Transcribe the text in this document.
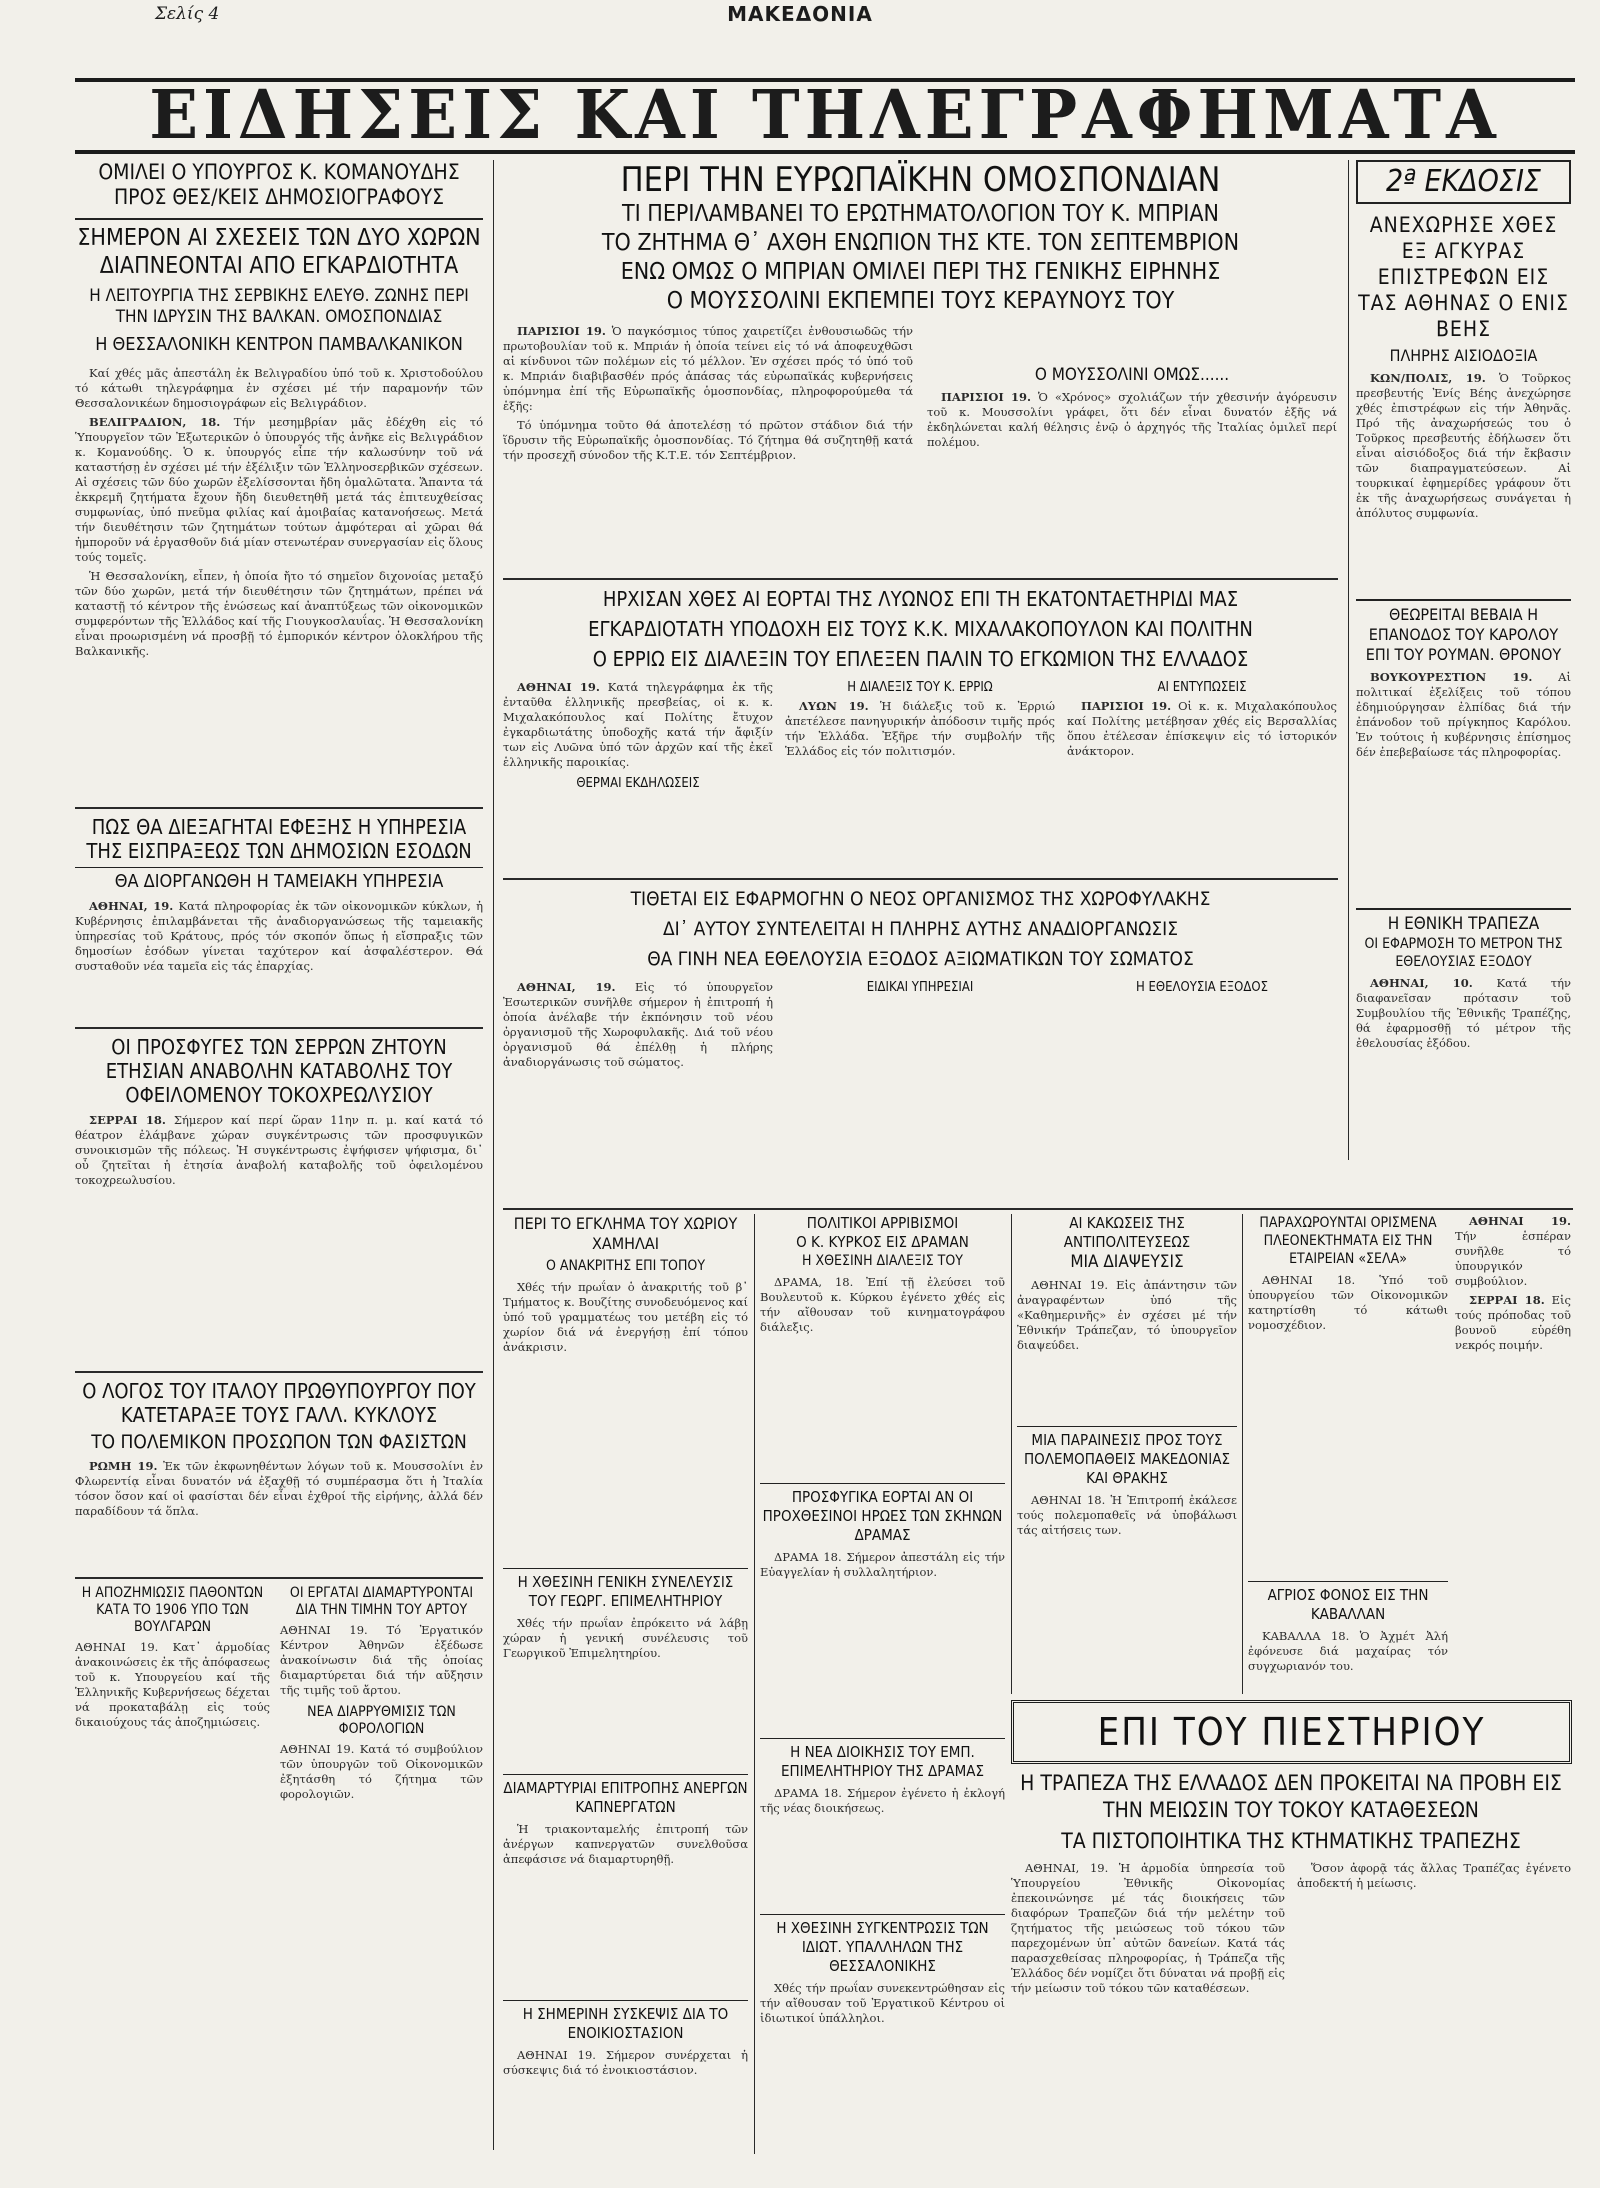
Σελίς 4	ΜΑΚΕΔΟΝΙΑ
ΕΙΔΗΣΕΙΣ ΚΑΙ ΤΗΛΕΓΡΑΦΗΜΑΤΑ
ΟΜΙΛΕΙ Ο ΥΠΟΥΡΓΟΣ Κ. ΚΟΜΑΝΟΥΔΗΣ ΠΡΟΣ ΘΕΣ/ΚΕΙΣ ΔΗΜΟΣΙΟΓΡΑΦΟΥΣ
ΣΗΜΕΡΟΝ ΑΙ ΣΧΕΣΕΙΣ ΤΩΝ ΔΥΟ ΧΩΡΩΝ ΔΙΑΠΝΕΟΝΤΑΙ ΑΠΟ ΕΓΚΑΡΔΙΟΤΗΤΑ
Η ΛΕΙΤΟΥΡΓΙΑ ΤΗΣ ΣΕΡΒΙΚΗΣ ΕΛΕΥΘ. ΖΩΝΗΣ ΠΕΡΙ ΤΗΝ ΙΔΡΥΣΙΝ ΤΗΣ ΒΑΛΚΑΝ. ΟΜΟΣΠΟΝΔΙΑΣ
Η ΘΕΣΣΑΛΟΝΙΚΗ ΚΕΝΤΡΟΝ ΠΑΜΒΑΛΚΑΝΙΚΟΝ

Καί χθές μᾶς ἀπεστάλη ἐκ Βελιγραδίου ὑπό τοῦ κ. Χριστοδούλου τό κάτωθι τηλεγράφημα ἐν σχέσει μέ τήν παραμονήν τῶν Θεσσαλονικέων δημοσιογράφων εἰς Βελιγράδιον.

ΒΕΛΙΓΡΑΔΙΟΝ, 18. Τήν μεσημβρίαν μᾶς ἐδέχθη εἰς τό Ὑπουργεῖον τῶν Ἐξωτερικῶν ὁ ὑπουργός τῆς ἀνῆκε εἰς Βελιγράδιον κ. Κομανούδης. Ὁ κ. ὑπουργός εἶπε τήν καλωσύνην τοῦ νά καταστήσῃ ἐν σχέσει μέ τήν ἐξέλιξιν τῶν Ἑλληνοσερβικῶν σχέσεων. Αἱ σχέσεις τῶν δύο χωρῶν ἐξελίσσονται ἤδη ὁμαλῶτατα. Ἅπαντα τά ἐκκρεμῆ ζητήματα ἔχουν ἤδη διευθετηθῆ μετά τάς ἐπιτευχθείσας συμφωνίας, ὑπό πνεῦμα φιλίας καί ἀμοιβαίας κατανοήσεως. Μετά τήν διευθέτησιν τῶν ζητημάτων τούτων ἀμφότεραι αἱ χῶραι θά ἠμποροῦν νά ἐργασθοῦν διά μίαν στενωτέραν συνεργασίαν εἰς ὅλους τούς τομεῖς.

Ἡ Θεσσαλονίκη, εἶπεν, ἡ ὁποία ἤτο τό σημεῖον διχονοίας μεταξύ τῶν δύο χωρῶν, μετά τήν διευθέτησιν τῶν ζητημάτων, πρέπει νά καταστῇ τό κέντρον τῆς ἑνώσεως καί ἀναπτύξεως τῶν οἰκονομικῶν συμφερόντων τῆς Ἑλλάδος καί τῆς Γιουγκοσλαυΐας. Ἡ Θεσσαλονίκη εἶναι προωρισμένη νά προσβῇ τό ἐμπορικόν κέντρον ὁλοκλήρου τῆς Βαλκανικῆς.

ΠΩΣ ΘΑ ΔΙΕΞΑΓΗΤΑΙ ΕΦΕΞΗΣ Η ΥΠΗΡΕΣΙΑ ΤΗΣ ΕΙΣΠΡΑΞΕΩΣ ΤΩΝ ΔΗΜΟΣΙΩΝ ΕΣΟΔΩΝ
ΘΑ ΔΙΟΡΓΑΝΩΘΗ Η ΤΑΜΕΙΑΚΗ ΥΠΗΡΕΣΙΑ

ΑΘΗΝΑΙ, 19. Κατά πληροφορίας ἐκ τῶν οἰκονομικῶν κύκλων, ἡ Κυβέρνησις ἐπιλαμβάνεται τῆς ἀναδιοργανώσεως τῆς ταμειακῆς ὑπηρεσίας τοῦ Κράτους, πρός τόν σκοπόν ὅπως ἡ εἴσπραξις τῶν δημοσίων ἐσόδων γίνεται ταχύτερον καί ἀσφαλέστερον. Θά συσταθοῦν νέα ταμεῖα εἰς τάς ἐπαρχίας.

ΟΙ ΠΡΟΣΦΥΓΕΣ ΤΩΝ ΣΕΡΡΩΝ ΖΗΤΟΥΝ ΕΤΗΣΙΑΝ ΑΝΑΒΟΛΗΝ ΚΑΤΑΒΟΛΗΣ ΤΟΥ ΟΦΕΙΛΟΜΕΝΟΥ ΤΟΚΟΧΡΕΩΛΥΣΙΟΥ

ΣΕΡΡΑΙ 18. Σήμερον καί περί ὥραν 11ην π. μ. καί κατά τό θέατρον ἐλάμβανε χώραν συγκέντρωσις τῶν προσφυγικῶν συνοικισμῶν τῆς πόλεως. Ἡ συγκέντρωσις ἐψήφισεν ψήφισμα, δι᾽ οὗ ζητεῖται ἡ ἐτησία ἀναβολή καταβολῆς τοῦ ὀφειλομένου τοκοχρεωλυσίου.

Ο ΛΟΓΟΣ ΤΟΥ ΙΤΑΛΟΥ ΠΡΩΘΥΠΟΥΡΓΟΥ ΠΟΥ ΚΑΤΕΤΑΡΑΞΕ ΤΟΥΣ ΓΑΛΛ. ΚΥΚΛΟΥΣ
ΤΟ ΠΟΛΕΜΙΚΟΝ ΠΡΟΣΩΠΟΝ ΤΩΝ ΦΑΣΙΣΤΩΝ

ΡΩΜΗ 19. Ἐκ τῶν ἐκφωνηθέντων λόγων τοῦ κ. Μουσσολίνι ἐν Φλωρεντίᾳ εἶναι δυνατόν νά ἐξαχθῇ τό συμπέρασμα ὅτι ἡ Ἰταλία τόσον ὅσον καί οἱ φασίσται δέν εἶναι ἐχθροί τῆς εἰρήνης, ἀλλά δέν παραδίδουν τά ὅπλα.

Η ΑΠΟΖΗΜΙΩΣΙΣ ΠΑΘΟΝΤΩΝ ΚΑΤΑ ΤΟ 1906 ΥΠΟ ΤΩΝ ΒΟΥΛΓΑΡΩΝ

ΑΘΗΝΑΙ 19. Κατ᾽ ἁρμοδίας ἀνακοινώσεις ἐκ τῆς ἀπόφασεως τοῦ κ. Υπουργείου καί τῆς Ἑλληνικῆς Κυβερνήσεως δέχεται νά προκαταβάλῃ εἰς τούς δικαιούχους τάς ἀποζημιώσεις.

ΟΙ ΕΡΓΑΤΑΙ ΔΙΑΜΑΡΤΥΡΟΝΤΑΙ ΔΙΑ ΤΗΝ ΤΙΜΗΝ ΤΟΥ ΑΡΤΟΥ

ΑΘΗΝΑΙ 19. Τό Ἐργατικόν Κέντρον Ἀθηνῶν ἐξέδωσε ἀνακοίνωσιν διά τῆς ὁποίας διαμαρτύρεται διά τήν αὔξησιν τῆς τιμῆς τοῦ ἄρτου.

ΝΕΑ ΔΙΑΡΡΥΘΜΙΣΙΣ ΤΩΝ ΦΟΡΟΛΟΓΙΩΝ

ΑΘΗΝΑΙ 19. Κατά τό συμβούλιον τῶν ὑπουργῶν τοῦ Οἰκονομικῶν ἐξητάσθη τό ζήτημα τῶν φορολογιῶν.

ΠΕΡΙ ΤΗΝ ΕΥΡΩΠΑΪΚΗΝ ΟΜΟΣΠΟΝΔΙΑΝ
ΤΙ ΠΕΡΙΛΑΜΒΑΝΕΙ ΤΟ ΕΡΩΤΗΜΑΤΟΛΟΓΙΟΝ ΤΟΥ Κ. ΜΠΡΙΑΝ
ΤΟ ΖΗΤΗΜΑ Θ᾽ ΑΧΘΗ ΕΝΩΠΙΟΝ ΤΗΣ ΚΤΕ. ΤΟΝ ΣΕΠΤΕΜΒΡΙΟΝ
ΕΝΩ ΟΜΩΣ Ο ΜΠΡΙΑΝ ΟΜΙΛΕΙ ΠΕΡΙ ΤΗΣ ΓΕΝΙΚΗΣ ΕΙΡΗΝΗΣ
Ο ΜΟΥΣΣΟΛΙΝΙ ΕΚΠΕΜΠΕΙ ΤΟΥΣ ΚΕΡΑΥΝΟΥΣ ΤΟΥ

ΠΑΡΙΣΙΟΙ 19. Ὁ παγκόσμιος τύπος χαιρετίζει ἐνθουσιωδῶς τήν πρωτοβουλίαν τοῦ κ. Μπριάν ἡ ὁποία τείνει εἰς τό νά ἀποφευχθῶσι αἱ κίνδυνοι τῶν πολέμων εἰς τό μέλλον. Ἐν σχέσει πρός τό ὑπό τοῦ κ. Μπριάν διαβιβασθέν πρός ἁπάσας τάς εὐρωπαϊκάς κυβερνήσεις ὑπόμνημα ἐπί τῆς Εὐρωπαϊκῆς ὁμοσπονδίας, πληροφορούμεθα τά ἑξῆς:

Τό ὑπόμνημα τοῦτο θά ἀποτελέσῃ τό πρῶτον στάδιον διά τήν ἵδρυσιν τῆς Εὐρωπαϊκῆς ὁμοσπονδίας. Τό ζήτημα θά συζητηθῇ κατά τήν προσεχῆ σύνοδον τῆς Κ.Τ.Ε. τόν Σεπτέμβριον.

Ο ΜΟΥΣΣΟΛΙΝΙ ΟΜΩΣ......

ΠΑΡΙΣΙΟΙ 19. Ὁ «Χρόνος» σχολιάζων τήν χθεσινήν ἀγόρευσιν τοῦ κ. Μουσσολίνι γράφει, ὅτι δέν εἶναι δυνατόν ἐξῆς νά ἐκδηλώνεται καλή θέλησις ἐνῷ ὁ ἀρχηγός τῆς Ἰταλίας ὁμιλεῖ περί πολέμου.

ΗΡΧΙΣΑΝ ΧΘΕΣ ΑΙ ΕΟΡΤΑΙ ΤΗΣ ΛΥΩΝΟΣ ΕΠΙ ΤΗ ΕΚΑΤΟΝΤΑΕΤΗΡΙΔΙ ΜΑΣ
ΕΓΚΑΡΔΙΟΤΑΤΗ ΥΠΟΔΟΧΗ ΕΙΣ ΤΟΥΣ Κ.Κ. ΜΙΧΑΛΑΚΟΠΟΥΛΟΝ ΚΑΙ ΠΟΛΙΤΗΝ
Ο ΕΡΡΙΩ ΕΙΣ ΔΙΑΛΕΞΙΝ ΤΟΥ ΕΠΛΕΞΕΝ ΠΑΛΙΝ ΤΟ ΕΓΚΩΜΙΟΝ ΤΗΣ ΕΛΛΑΔΟΣ

ΑΘΗΝΑΙ 19. Κατά τηλεγράφημα ἐκ τῆς ἐνταῦθα ἑλληνικῆς πρεσβείας, οἱ κ. κ. Μιχαλακόπουλος καί Πολίτης ἔτυχον ἐγκαρδιωτάτης ὑποδοχῆς κατά τήν ἄφιξίν των εἰς Λυῶνα ὑπό τῶν ἀρχῶν καί τῆς ἐκεῖ ἑλληνικῆς παροικίας.

ΘΕΡΜΑΙ ΕΚΔΗΛΩΣΕΙΣ
Η ΔΙΑΛΕΞΙΣ ΤΟΥ Κ. ΕΡΡΙΩ

ΛΥΩΝ 19. Ἡ διάλεξις τοῦ κ. Ἐρριώ ἀπετέλεσε πανηγυρικήν ἀπόδοσιν τιμῆς πρός τήν Ἑλλάδα. Ἐξῆρε τήν συμβολήν τῆς Ἑλλάδος εἰς τόν πολιτισμόν.

ΑΙ ΕΝΤΥΠΩΣΕΙΣ

ΠΑΡΙΣΙΟΙ 19. Οἱ κ. κ. Μιχαλακόπουλος καί Πολίτης μετέβησαν χθές εἰς Βερσαλλίας ὅπου ἐτέλεσαν ἐπίσκεψιν εἰς τό ἱστορικόν ἀνάκτορον.

ΤΙΘΕΤΑΙ ΕΙΣ ΕΦΑΡΜΟΓΗΝ Ο ΝΕΟΣ ΟΡΓΑΝΙΣΜΟΣ ΤΗΣ ΧΩΡΟΦΥΛΑΚΗΣ
ΔΙ᾽ ΑΥΤΟΥ ΣΥΝΤΕΛΕΙΤΑΙ Η ΠΛΗΡΗΣ ΑΥΤΗΣ ΑΝΑΔΙΟΡΓΑΝΩΣΙΣ
ΘΑ ΓΙΝΗ ΝΕΑ ΕΘΕΛΟΥΣΙΑ ΕΞΟΔΟΣ ΑΞΙΩΜΑΤΙΚΩΝ ΤΟΥ ΣΩΜΑΤΟΣ

ΑΘΗΝΑΙ, 19. Εἰς τό ὑπουργεῖον Ἐσωτερικῶν συνῆλθε σήμερον ἡ ἐπιτροπή ἡ ὁποία ἀνέλαβε τήν ἐκπόνησιν τοῦ νέου ὀργανισμοῦ τῆς Χωροφυλακῆς. Διά τοῦ νέου ὀργανισμοῦ θά ἐπέλθῃ ἡ πλήρης ἀναδιοργάνωσις τοῦ σώματος.

ΕΙΔΙΚΑΙ ΥΠΗΡΕΣΙΑΙ	Η ΕΘΕΛΟΥΣΙΑ ΕΞΟΔΟΣ
ΠΕΡΙ ΤΟ ΕΓΚΛΗΜΑ ΤΟΥ ΧΩΡΙΟΥ ΧΑΜΗΛΑΙ
Ο ΑΝΑΚΡΙΤΗΣ ΕΠΙ ΤΟΠΟΥ

Χθές τήν πρωΐαν ὁ ἀνακριτής τοῦ β᾽ Τμήματος κ. Βουζίτης συνοδευόμενος καί ὑπό τοῦ γραμματέως του μετέβη εἰς τό χωρίον διά νά ἐνεργήσῃ ἐπί τόπου ἀνάκρισιν.

Η ΧΘΕΣΙΝΗ ΓΕΝΙΚΗ ΣΥΝΕΛΕΥΣΙΣ ΤΟΥ ΓΕΩΡΓ. ΕΠΙΜΕΛΗΤΗΡΙΟΥ

Χθές τήν πρωΐαν ἐπρόκειτο νά λάβῃ χώραν ἡ γενική συνέλευσις τοῦ Γεωργικοῦ Ἐπιμελητηρίου.

ΔΙΑΜΑΡΤΥΡΙΑΙ ΕΠΙΤΡΟΠΗΣ ΑΝΕΡΓΩΝ ΚΑΠΝΕΡΓΑΤΩΝ

Ἡ τριακονταμελής ἐπιτροπή τῶν ἀνέργων καπνεργατῶν συνελθοῦσα ἀπεφάσισε νά διαμαρτυρηθῇ.

Η ΣΗΜΕΡΙΝΗ ΣΥΣΚΕΨΙΣ ΔΙΑ ΤΟ ΕΝΟΙΚΙΟΣΤΑΣΙΟΝ

ΑΘΗΝΑΙ 19. Σήμερον συνέρχεται ἡ σύσκεψις διά τό ἐνοικιοστάσιον.

ΠΟΛΙΤΙΚΟΙ ΑΡΡΙΒΙΣΜΟΙ
Ο Κ. ΚΥΡΚΟΣ ΕΙΣ ΔΡΑΜΑΝ
Η ΧΘΕΣΙΝΗ ΔΙΑΛΕΞΙΣ ΤΟΥ

ΔΡΑΜΑ, 18. Ἐπί τῇ ἐλεύσει τοῦ Βουλευτοῦ κ. Κύρκου ἐγένετο χθές εἰς τήν αἴθουσαν τοῦ κινηματογράφου διάλεξις.

ΠΡΟΣΦΥΓΙΚΑ ΕΟΡΤΑΙ ΑΝ ΟΙ ΠΡΟΧΘΕΣΙΝΟΙ ΗΡΩΕΣ ΤΩΝ ΣΚΗΝΩΝ ΔΡΑΜΑΣ

ΔΡΑΜΑ 18. Σήμερον ἀπεστάλη εἰς τήν Εὐαγγελίαν ἡ συλλαλητήριον.

Η ΝΕΑ ΔΙΟΙΚΗΣΙΣ ΤΟΥ ΕΜΠ. ΕΠΙΜΕΛΗΤΗΡΙΟΥ ΤΗΣ ΔΡΑΜΑΣ

ΔΡΑΜΑ 18. Σήμερον ἐγένετο ἡ ἐκλογή τῆς νέας διοικήσεως.

Η ΧΘΕΣΙΝΗ ΣΥΓΚΕΝΤΡΩΣΙΣ ΤΩΝ ΙΔΙΩΤ. ΥΠΑΛΛΗΛΩΝ ΤΗΣ ΘΕΣΣΑΛΟΝΙΚΗΣ

Χθές τήν πρωΐαν συνεκεντρώθησαν εἰς τήν αἴθουσαν τοῦ Ἐργατικοῦ Κέντρου οἱ ἰδιωτικοί ὑπάλληλοι.

ΑΙ ΚΑΚΩΣΕΙΣ ΤΗΣ ΑΝΤΙΠΟΛΙΤΕΥΣΕΩΣ
ΜΙΑ ΔΙΑΨΕΥΣΙΣ

ΑΘΗΝΑΙ 19. Εἰς ἀπάντησιν τῶν ἀναγραφέντων ὑπό τῆς «Καθημερινῆς» ἐν σχέσει μέ τήν Ἐθνικήν Τράπεζαν, τό ὑπουργεῖον διαψεύδει.

ΜΙΑ ΠΑΡΑΙΝΕΣΙΣ ΠΡΟΣ ΤΟΥΣ ΠΟΛΕΜΟΠΑΘΕΙΣ ΜΑΚΕΔΟΝΙΑΣ ΚΑΙ ΘΡΑΚΗΣ

ΑΘΗΝΑΙ 18. Ἡ Ἐπιτροπή ἐκάλεσε τούς πολεμοπαθεῖς νά ὑποβάλωσι τάς αἰτήσεις των.

ΠΑΡΑΧΩΡΟΥΝΤΑΙ ΟΡΙΣΜΕΝΑ ΠΛΕΟΝΕΚΤΗΜΑΤΑ ΕΙΣ ΤΗΝ ΕΤΑΙΡΕΙΑΝ «ΣΕΛΑ»

ΑΘΗΝΑΙ 18. Ὑπό τοῦ ὑπουργείου τῶν Οἰκονομικῶν κατηρτίσθη τό κάτωθι νομοσχέδιον.

ΑΓΡΙΟΣ ΦΟΝΟΣ ΕΙΣ ΤΗΝ ΚΑΒΑΛΛΑΝ

ΚΑΒΑΛΛΑ 18. Ὁ Ἀχμέτ Ἀλή ἐφόνευσε διά μαχαίρας τόν συγχωριανόν του.

ΕΠΙ ΤΟΥ ΠΙΕΣΤΗΡΙΟΥ
Η ΤΡΑΠΕΖΑ ΤΗΣ ΕΛΛΑΔΟΣ ΔΕΝ ΠΡΟΚΕΙΤΑΙ ΝΑ ΠΡΟΒΗ ΕΙΣ ΤΗΝ ΜΕΙΩΣΙΝ ΤΟΥ ΤΟΚΟΥ ΚΑΤΑΘΕΣΕΩΝ
ΤΑ ΠΙΣΤΟΠΟΙΗΤΙΚΑ ΤΗΣ ΚΤΗΜΑΤΙΚΗΣ ΤΡΑΠΕΖΗΣ

ΑΘΗΝΑΙ, 19. Ἡ ἁρμοδία ὑπηρεσία τοῦ Ὑπουργείου Ἐθνικῆς Οἰκονομίας ἐπεκοινώνησε μέ τάς διοικήσεις τῶν διαφόρων Τραπεζῶν διά τήν μελέτην τοῦ ζητήματος τῆς μειώσεως τοῦ τόκου τῶν παρεχομένων ὑπ᾽ αὐτῶν δανείων. Κατά τάς παρασχεθείσας πληροφορίας, ἡ Τράπεζα τῆς Ἑλλάδος δέν νομίζει ὅτι δύναται νά προβῇ εἰς τήν μείωσιν τοῦ τόκου τῶν καταθέσεων.

Ὅσον ἀφορᾷ τάς ἄλλας Τραπέζας ἐγένετο ἀποδεκτή ἡ μείωσις.

2ª ΕΚΔΟΣΙΣ
ΑΝΕΧΩΡΗΣΕ ΧΘΕΣ ΕΞ ΑΓΚΥΡΑΣ ΕΠΙΣΤΡΕΦΩΝ ΕΙΣ ΤΑΣ ΑΘΗΝΑΣ Ο ΕΝΙΣ ΒΕΗΣ
ΠΛΗΡΗΣ ΑΙΣΙΟΔΟΞΙΑ

ΚΩΝ/ΠΟΛΙΣ, 19. Ὁ Τοῦρκος πρεσβευτής Ἐνίς Βέης ἀνεχώρησε χθές ἐπιστρέφων εἰς τήν Ἀθηνᾶς. Πρό τῆς ἀναχωρήσεώς του ὁ Τοῦρκος πρεσβευτής ἐδήλωσεν ὅτι εἶναι αἰσιόδοξος διά τήν ἔκβασιν τῶν διαπραγματεύσεων. Αἱ τουρκικαί ἐφημερίδες γράφουν ὅτι ἐκ τῆς ἀναχωρήσεως συνάγεται ἡ ἀπόλυτος συμφωνία.

ΘΕΩΡΕΙΤΑΙ ΒΕΒΑΙΑ Η ΕΠΑΝΟΔΟΣ ΤΟΥ ΚΑΡΟΛΟΥ ΕΠΙ ΤΟΥ ΡΟΥΜΑΝ. ΘΡΟΝΟΥ

ΒΟΥΚΟΥΡΕΣΤΙΟΝ 19. Αἱ πολιτικαί ἐξελίξεις τοῦ τόπου ἐδημιούργησαν ἐλπίδας διά τήν ἐπάνοδον τοῦ πρίγκηπος Καρόλου. Ἐν τούτοις ἡ κυβέρνησις ἐπίσημος δέν ἐπεβεβαίωσε τάς πληροφορίας.

Η ΕΘΝΙΚΗ ΤΡΑΠΕΖΑ
ΟΙ ΕΦΑΡΜΟΣΗ ΤΟ ΜΕΤΡΟΝ ΤΗΣ ΕΘΕΛΟΥΣΙΑΣ ΕΞΟΔΟΥ

ΑΘΗΝΑΙ, 10. Κατά τήν διαφανεῖσαν πρότασιν τοῦ Συμβουλίου τῆς Ἐθνικῆς Τραπέζης, θά ἐφαρμοσθῇ τό μέτρον τῆς ἐθελουσίας ἐξόδου.

ΑΘΗΝΑΙ 19. Τήν ἑσπέραν συνῆλθε τό ὑπουργικόν συμβούλιον.

ΣΕΡΡΑΙ 18. Εἰς τούς πρόποδας τοῦ βουνοῦ εὑρέθη νεκρός ποιμήν.
